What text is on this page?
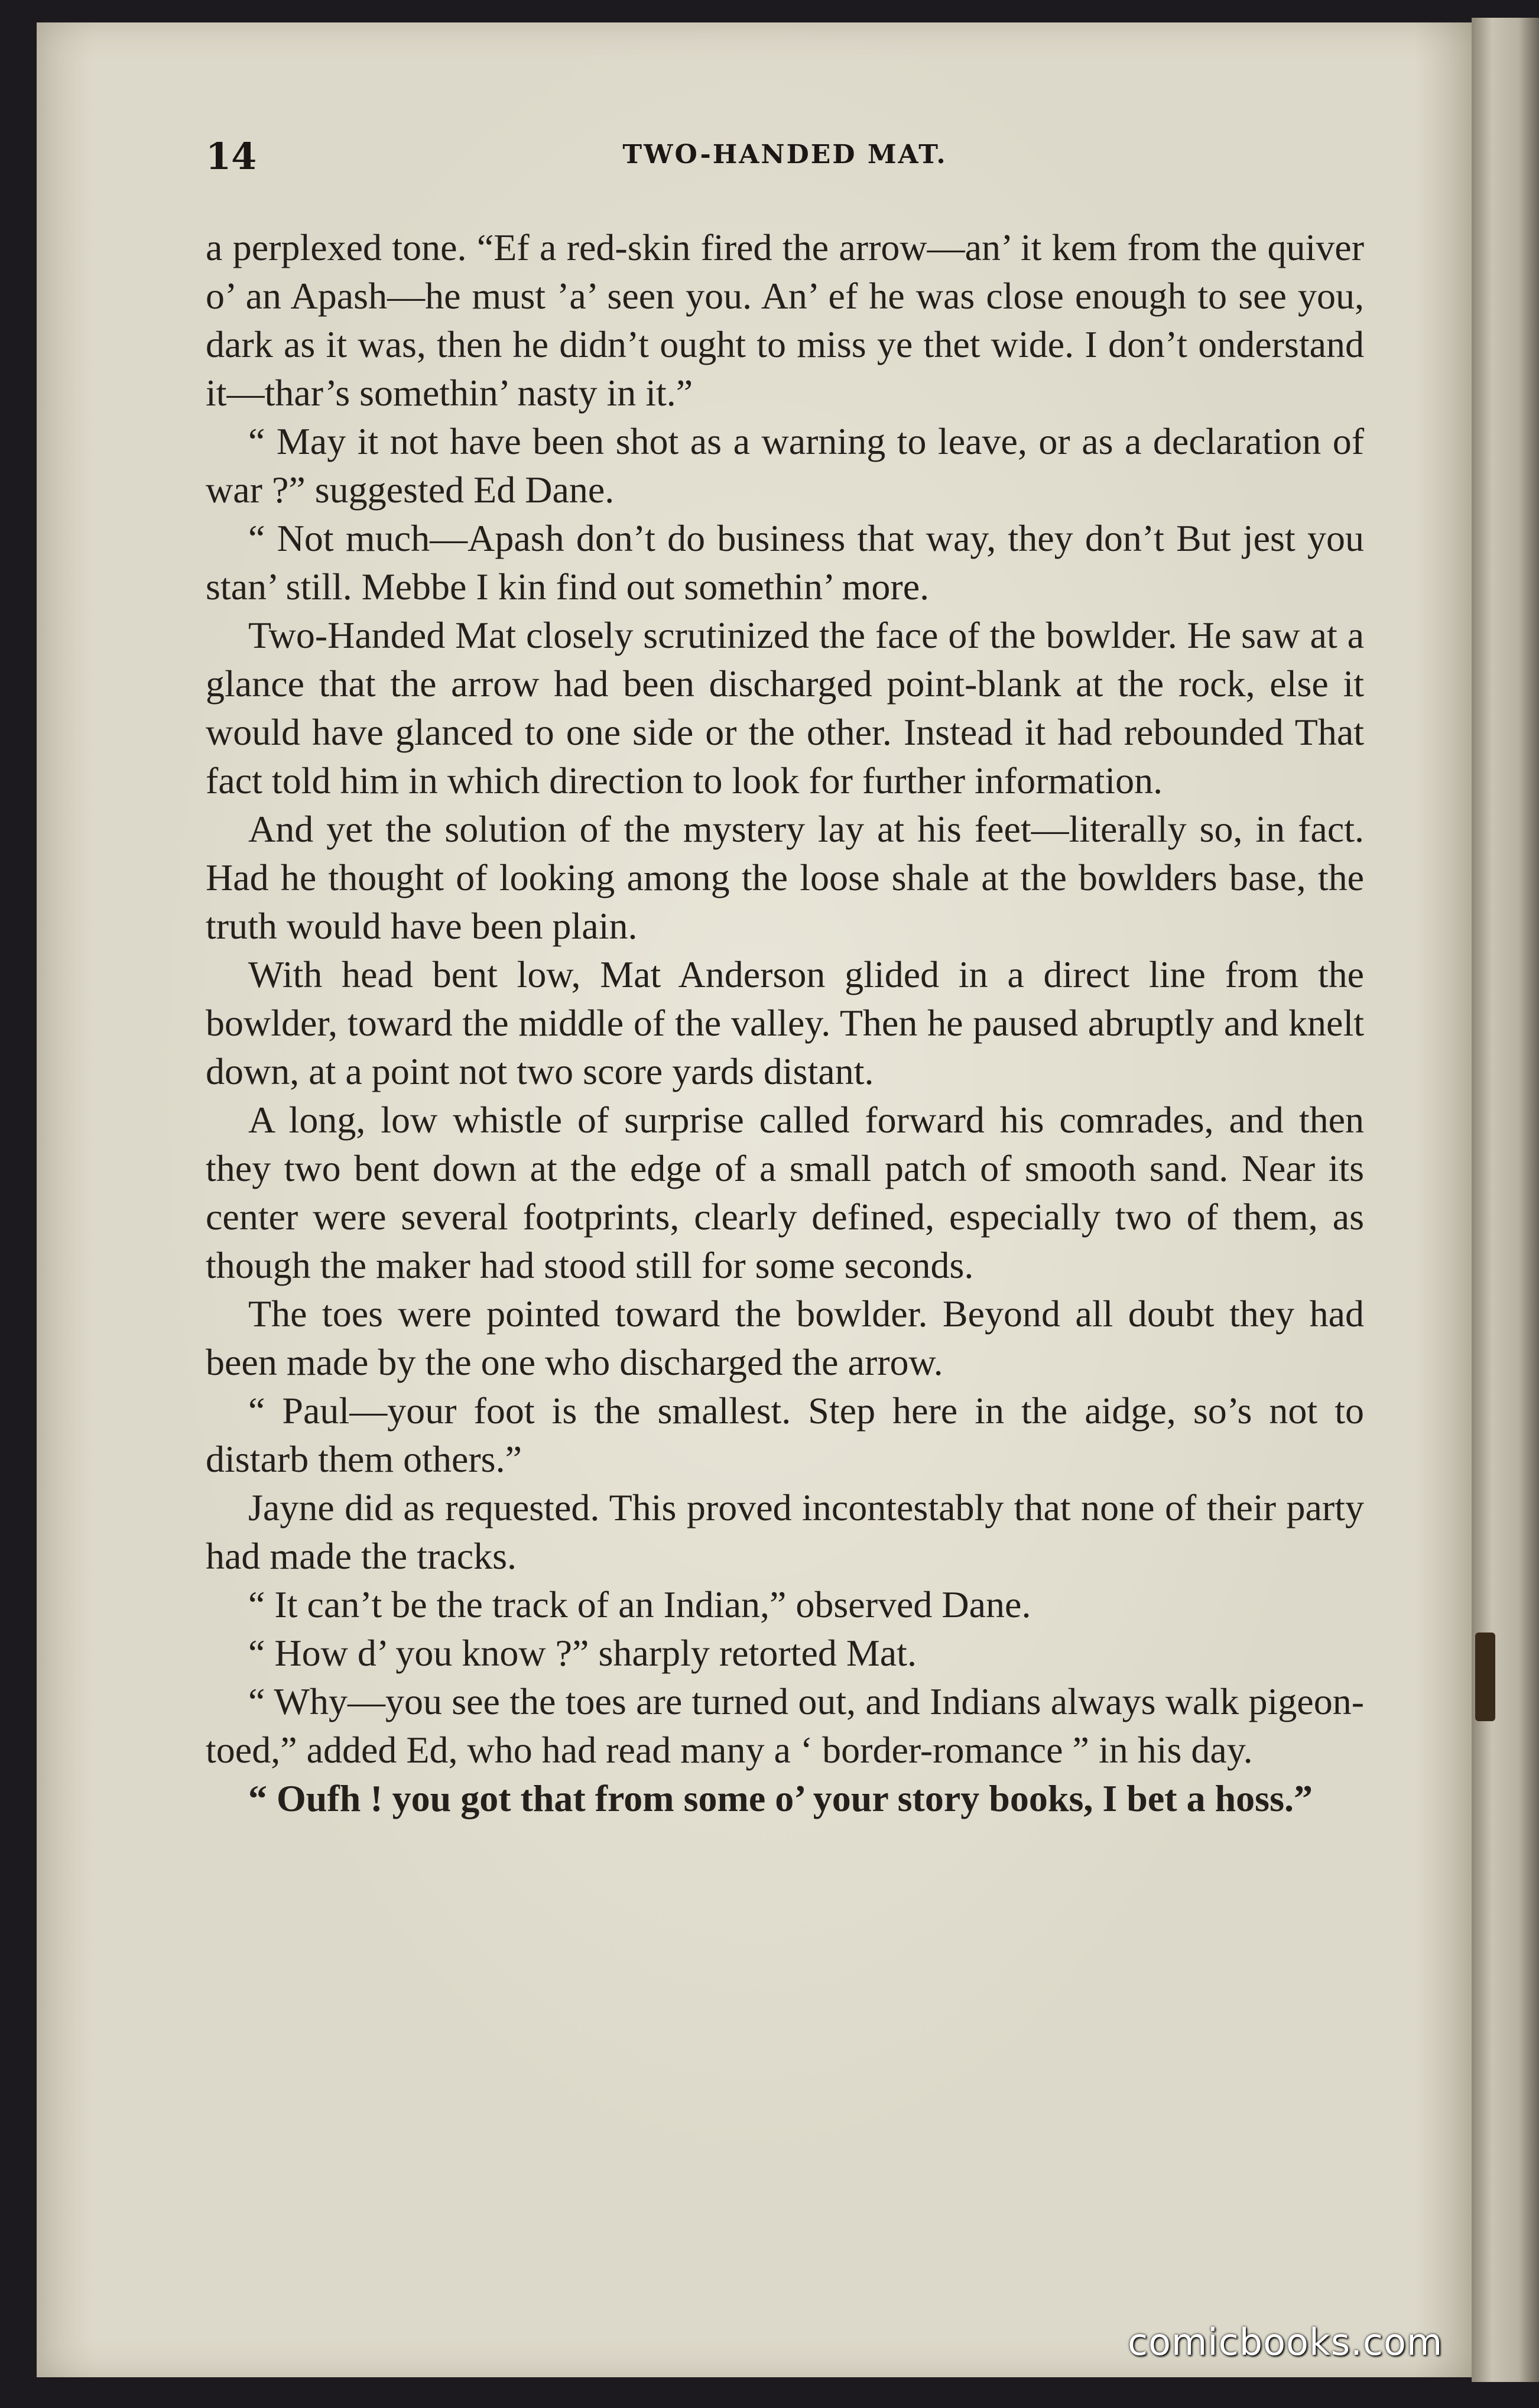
14	TWO-HANDED MAT.

a perplexed tone. “Ef a red-skin fired the arrow—an’ it kem from the quiver o’ an Apash—he must ’a’ seen you. An’ ef he was close enough to see you, dark as it was, then he didn’t ought to miss ye thet wide. I don’t onderstand it—thar’s somethin’ nasty in it.”

“ May it not have been shot as a warning to leave, or as a declaration of war ?” suggested Ed Dane.

“ Not much—Apash don’t do business that way, they don’t But jest you stan’ still. Mebbe I kin find out somethin’ more.

Two-Handed Mat closely scrutinized the face of the bowlder. He saw at a glance that the arrow had been discharged point-blank at the rock, else it would have glanced to one side or the other. Instead it had rebounded That fact told him in which direction to look for further information.

And yet the solution of the mystery lay at his feet—literally so, in fact. Had he thought of looking among the loose shale at the bowlders base, the truth would have been plain.

With head bent low, Mat Anderson glided in a direct line from the bowlder, toward the middle of the valley. Then he paused abruptly and knelt down, at a point not two score yards distant.

A long, low whistle of surprise called forward his comrades, and then they two bent down at the edge of a small patch of smooth sand. Near its center were several footprints, clearly defined, especially two of them, as though the maker had stood still for some seconds.

The toes were pointed toward the bowlder. Beyond all doubt they had been made by the one who discharged the arrow.

“ Paul—your foot is the smallest. Step here in the aidge, so’s not to distarb them others.”

Jayne did as requested. This proved incontestably that none of their party had made the tracks.

“ It can’t be the track of an Indian,” observed Dane.

“ How d’ you know ?” sharply retorted Mat.

“ Why—you see the toes are turned out, and Indians always walk pigeon-toed,” added Ed, who had read many a ‘ border-romance ” in his day.

“ Oufh ! you got that from some o’ your story books, I bet a hoss.”

comicbooks.com
